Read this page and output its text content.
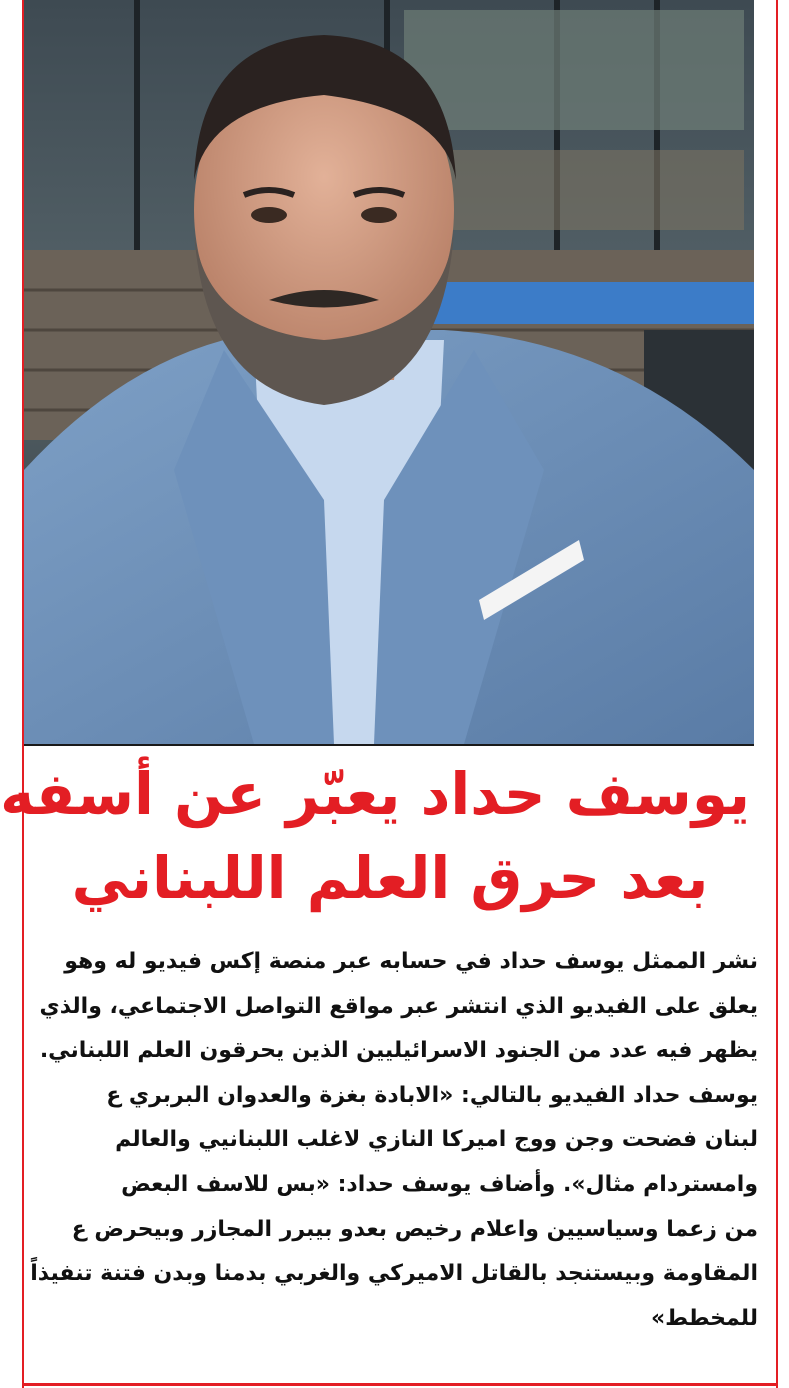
يوسف حداد يعبّر عن أسفه
بعد حرق العلم اللبناني
نشر الممثل يوسف حداد في حسابه عبر منصة إكس فيديو له وهو
يعلق على الفيديو الذي انتشر عبر مواقع التواصل الاجتماعي، والذي
يظهر فيه عدد من الجنود الاسرائيليين الذين يحرقون العلم اللبناني.
يوسف حداد الفيديو بالتالي: «الابادة بغزة والعدوان البربري ع
لبنان فضحت وجن ووج اميركا النازي لاغلب اللبنانيي والعالم
وامستردام مثال». وأضاف يوسف حداد: «بس للاسف البعض
من زعما وسياسيين واعلام رخيص بعدو بيبرر المجازر وبيحرض ع
المقاومة وبيستنجد بالقاتل الاميركي والغربي بدمنا وبدن فتنة تنفيذاً
للمخطط»
